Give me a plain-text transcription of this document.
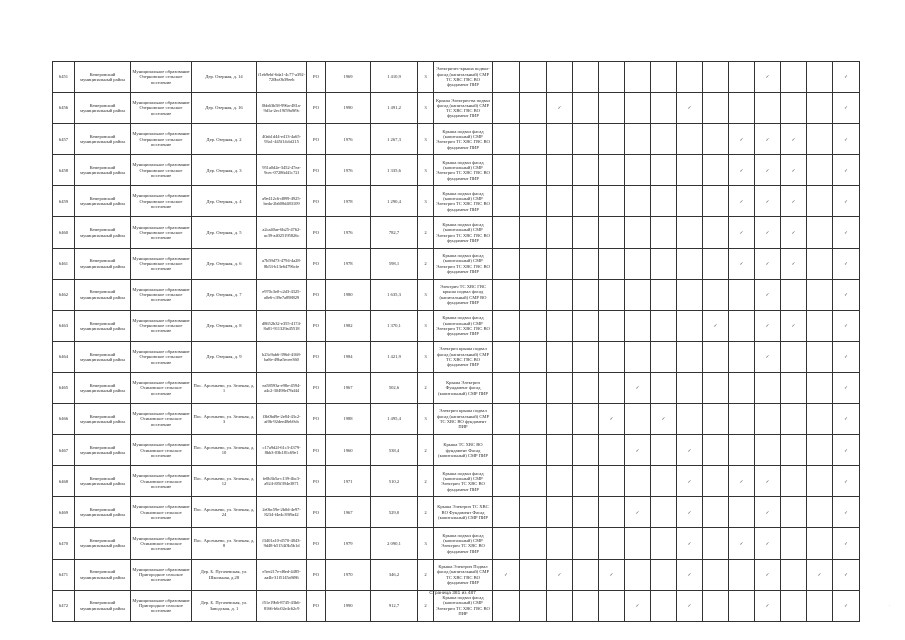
6451	Кемеровский муниципальный район	Муниципальное образование Озерновское сельское поселение	Дер. Озерная, д. 14	f1eb9ebf-6da1-4c77-a392-720bc0b39eeb	РО	1969	1 410,9	3	Электричес-крыша подвал-фасад (капитальный) СМР ТС ХВС ГВС ВО фундамент ПИР											✓			✓
6456	Кемеровский муниципальный район	Муниципальное образование Озерновское сельское поселение	Дер. Озерная, д. 16	0bb63b58-996a-481a-9d1a-2ec19f59a9f9c	РО	1990	1 491,2	3	Крыша Электрич-ва подвал фасад (капитальный) СМР ТС ХВС ГВС ВО фундамент ПИР			✓					✓						✓
6457	Кемеровский муниципальный район	Муниципальное образование Озерновское сельское поселение	Дер. Озерная, д. 2	40ab1d44-e413-4a65-93a1-445f14cbf215	РО	1976	1 267,3	3	Крыша подвал фасад (капитальный) СМР Электрич ТС ХВС ГВС ВО фундамент ПИР										✓	✓	✓		✓
6458	Кемеровский муниципальный район	Муниципальное образование Озерновское сельское поселение	Дер. Озерная, д. 3	951a0d2e-3452-47ea-9cec-07286d41c72f	РО	1976	1 335,6	3	Крыша подвал фасад (капитальный) СМР Электрич ТС ХВС ГВС ВО фундамент ПИР										✓	✓	✓		✓
6459	Кемеровский муниципальный район	Муниципальное образование Озерновское сельское поселение	Дер. Озерная, д. 4	a9e412c6-d899-4925-beda-2b608d483109	РО	1978	1 290,4	3	Крыша подвал фасад (капитальный) СМР Электрич ТС ХВС ГВС ВО фундамент ПИР										✓	✓	✓		✓
6460	Кемеровский муниципальный район	Муниципальное образование Озерновское сельское поселение	Дер. Озерная, д. 5	a2ca40ae-6b25-4762-ac39-a4025195826c	РО	1976	782,7	2	Крыша подвал фасад (капитальный) СМР Электрич ТС ХВС ГВС ВО фундамент ПИР										✓	✓	✓		✓
6461	Кемеровский муниципальный район	Муниципальное образование Озерновское сельское поселение	Дер. Озерная, д. 6	a7b59d73-4794-4a28-8b53-b13e64796cfe	РО	1978	598,1	2	Крыша подвал фасад (капитальный) СМР Электрич ТС ХВС ГВС ВО фундамент ПИР										✓	✓	✓		✓
6462	Кемеровский муниципальный район	Муниципальное образование Озерновское сельское поселение	Дер. Озерная, д. 7	e970c3e0-c2d3-4325-a0e6-c39e7a898829	РО	1980	1 635,3	3	Электрич ТС ХВС ГВС крыша подвал фасад (капитальный) СМР ВО фундамент ПИР											✓			✓
6463	Кемеровский муниципальный район	Муниципальное образование Озерновское сельское поселение	Дер. Озерная, д. 8	d8652b32-e355-4174-8a81-911329a45518	РО	1982	1 370,1	3	Крыша подвал фасад (капитальный) СМР Электрич ТС ХВС ГВС ВО фундамент ПИР									✓		✓	✓		✓
6464	Кемеровский муниципальный район	Муниципальное образование Озерновское сельское поселение	Дер. Озерная, д. 9	b23c9ab6-396d-4168-ba8e-49ba5ecee360	РО	1984	1 421,9	3	Электрич крыша подвал фасад (капитальный) СМР ТС ХВС ГВС ВО фундамент ПИР											✓			✓
6465	Кемеровский муниципальный район	Муниципальное образование Осиновское сельское поселение	Пос. Арсеньево, ул. Зеленая, д. 1	ea58593a-e98e-4594-a4c2-30498ef76d44	РО	1967	502,6	2	Крыша Электрич Фундамент фасад (капитальный) СМР ПИР						✓								✓
6466	Кемеровский муниципальный район	Муниципальное образование Осиновское сельское поселение	Пос. Арсеньево, ул. Зеленая, д. 3	f3b0bd9e-2e84-43c2-af0b-92dee48eb9cb	РО	1988	1 495,4	3	Электрич крыша подвал фасад (капитальный) СМР ТС ХВС ВО фундамент ПИР					✓		✓							✓
6467	Кемеровский муниципальный район	Муниципальное образование Осиновское сельское поселение	Пос. Арсеньево, ул. Зеленая, д. 10	c17a9d2f-61c3-4379-8bb3-03b181c69e1	РО	1960	538,4	2	Крыша ТС ХВС ВО фундамент Фасад (капитальный) СМР ПИР						✓		✓						✓
6468	Кемеровский муниципальный район	Муниципальное образование Осиновское сельское поселение	Пос. Арсеньево, ул. Зеленая, д. 12	fe0b3b5a-c139-4bc3-a924-f05f394e3871	РО	1971	510,2	2	Крыша подвал фасад (капитальный) СМР Электрич ТС ХВС ВО фундамент ПИР								✓		✓	✓			✓
6469	Кемеровский муниципальный район	Муниципальное образование Осиновское сельское поселение	Пос. Арсеньево, ул. Зеленая, д. 24	2e0bc59e-2b0d-4e97-8234-f4e4c39f9a42	РО	1967	529,0	2	Крыша Электрич ТС ХВС ВО Фундамент Фасад (капитальный) СМР ПИР						✓		✓			✓			✓
6470	Кемеровский муниципальный район	Муниципальное образование Осиновское сельское поселение	Пос. Арсеньево, ул. Зеленая, д. 8	f3401a10-d570-4843-9d48-b5154f3b5b1d	РО	1979	2 090,1	3	Крыша подвал фасад (капитальный) СМР Электрич ТС ХВС ВО фундамент ПИР								✓		✓	✓			✓
6471	Кемеровский муниципальный район	Муниципальное образование Пригородное сельское поселение	Дер. Б. Пугачевская, ул. Школьная, д.28	e5ee217e-d8ed-4485-aa4b-31f5145a9f86	РО	1970	346,2	2	Крыша Электрич Подвал фасад (капитальный) СМР ТС ХВС ГВС ВО фундамент ПИР	✓		✓		✓			✓			✓		✓	✓
6472	Кемеровский муниципальный район	Муниципальное образование Пригородное сельское поселение	Дер. Б. Пугачевская, ул. Заводская, д. 1	f51e19b6-8745-43b6-8166-b6c02e4c62c9	РО	1990	912,7	2	Крыша подвал фасад (капитальный) СМР Электрич ТС ХВС ГВС ВО ПИР						✓		✓			✓			✓
Страница 381 из 487
.
